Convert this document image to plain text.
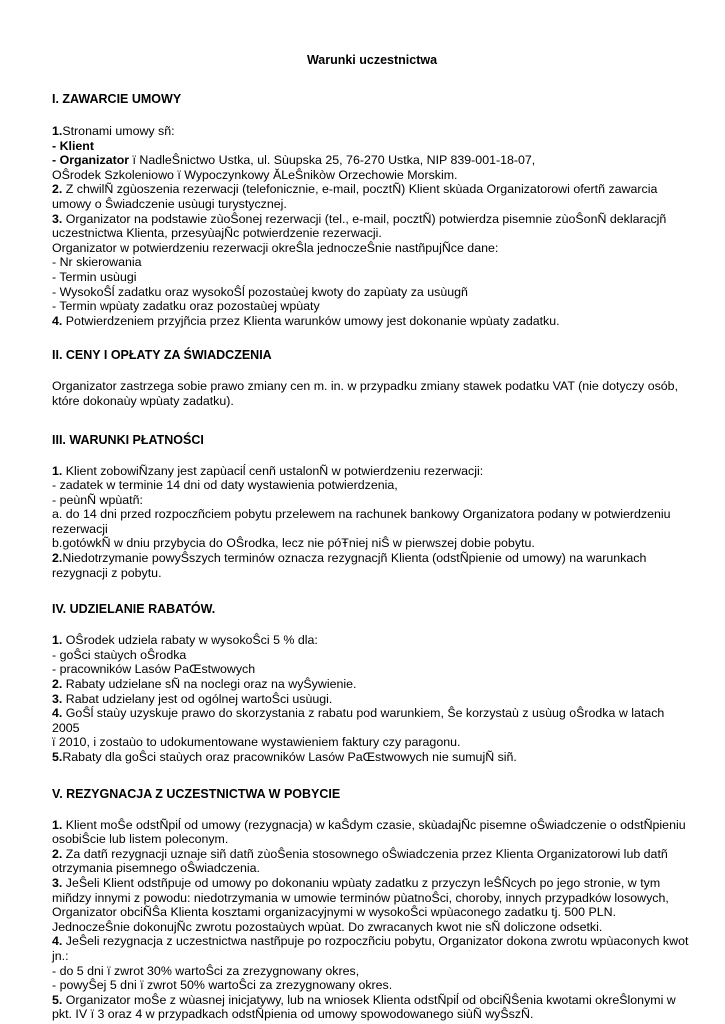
Warunki uczestnictwa
I. ZAWARCIE UMOWY
1.Stronami umowy sñ:
- Klient
- Organizator ï NadleŜnictwo Ustka, ul. Sùupska 25, 76-270 Ustka, NIP 839-001-18-07,
OŜrodek Szkoleniowo ï Wypoczynkowy ĂLeŜnikòw Orzechowie Morskim.
2. Z chwilÑ zgùoszenia rezerwacji (telefonicznie, e-mail, pocztÑ) Klient skùada Organizatorowi ofertñ zawarcia
umowy o Ŝwiadczenie usùugi turystycznej.
3. Organizator na podstawie zùoŜonej rezerwacji (tel., e-mail, pocztÑ) potwierdza pisemnie zùoŜonÑ deklaracjñ
uczestnictwa Klienta, przesyùajÑc potwierdzenie rezerwacji.
Organizator w potwierdzeniu rezerwacji okreŜla jednoczeŜnie nastñpujÑce dane:
- Nr skierowania
- Termin usùugi
- WysokoŜĺ zadatku oraz wysokoŜĺ pozostaùej kwoty do zapùaty za usùugñ
- Termin wpùaty zadatku oraz pozostaùej wpùaty
4. Potwierdzeniem przyjñcia przez Klienta warunków umowy jest dokonanie wpùaty zadatku.
II. CENY I OPŁATY ZA ŚWIADCZENIA
Organizator zastrzega sobie prawo zmiany cen m. in. w przypadku zmiany stawek podatku VAT (nie dotyczy osób,
które dokonaùy wpùaty zadatku).
III. WARUNKI PŁATNOŚCI
1. Klient zobowiÑzany jest zapùaciĺ cenñ ustalonÑ w potwierdzeniu rezerwacji:
- zadatek w terminie 14 dni od daty wystawienia potwierdzenia,
- peùnÑ wpùatñ:
a. do 14 dni przed rozpoczñciem pobytu przelewem na rachunek bankowy Organizatora podany w potwierdzeniu
rezerwacji
b.gotówkÑ w dniu przybycia do OŜrodka, lecz nie póŦniej niŜ w pierwszej dobie pobytu.
2.Niedotrzymanie powyŜszych terminów oznacza rezygnacjñ Klienta (odstÑpienie od umowy) na warunkach
rezygnacji z pobytu.
IV. UDZIELANIE RABATÓW.
1. OŜrodek udziela rabaty w wysokoŜci 5 % dla:
- goŜci staùych oŜrodka
- pracowników Lasów PaŒstwowych
2. Rabaty udzielane sÑ na noclegi oraz na wyŜywienie.
3. Rabat udzielany jest od ogólnej wartoŜci usùugi.
4. GoŜĺ staùy uzyskuje prawo do skorzystania z rabatu pod warunkiem, Ŝe korzystaù z usùug oŜrodka w latach 2005
ï 2010, i zostaùo to udokumentowane wystawieniem faktury czy paragonu.
5.Rabaty dla goŜci staùych oraz pracowników Lasów PaŒstwowych nie sumujÑ siñ.
V. REZYGNACJA Z UCZESTNICTWA W POBYCIE
1. Klient moŜe odstÑpiĺ od umowy (rezygnacja) w kaŜdym czasie, skùadajÑc pisemne oŜwiadczenie o odstÑpieniu
osobiŜcie lub listem poleconym.
2. Za datñ rezygnacji uznaje siñ datñ zùoŜenia stosownego oŜwiadczenia przez Klienta Organizatorowi lub datñ
otrzymania pisemnego oŜwiadczenia.
3. JeŜeli Klient odstñpuje od umowy po dokonaniu wpùaty zadatku z przyczyn leŜÑcych po jego stronie, w tym
miñdzy innymi z powodu: niedotrzymania w umowie terminów pùatnoŜci, choroby, innych przypadków losowych,
Organizator obciÑŜa Klienta kosztami organizacyjnymi w wysokoŜci wpùaconego zadatku tj. 500 PLN.
JednoczeŜnie dokonujÑc zwrotu pozostaùych wpùat. Do zwracanych kwot nie sÑ doliczone odsetki.
4. JeŜeli rezygnacja z uczestnictwa nastñpuje po rozpoczñciu pobytu, Organizator dokona zwrotu wpùaconych kwot
jn.:
- do 5 dni ï zwrot 30% wartoŜci za zrezygnowany okres,
- powyŜej 5 dni ï zwrot 50% wartoŜci za zrezygnowany okres.
5. Organizator moŜe z wùasnej inicjatywy, lub na wniosek Klienta odstÑpiĺ od obciÑŜenia kwotami okreŜlonymi w
pkt. IV ï 3 oraz 4 w przypadkach odstÑpienia od umowy spowodowanego siùÑ wyŜszÑ.
